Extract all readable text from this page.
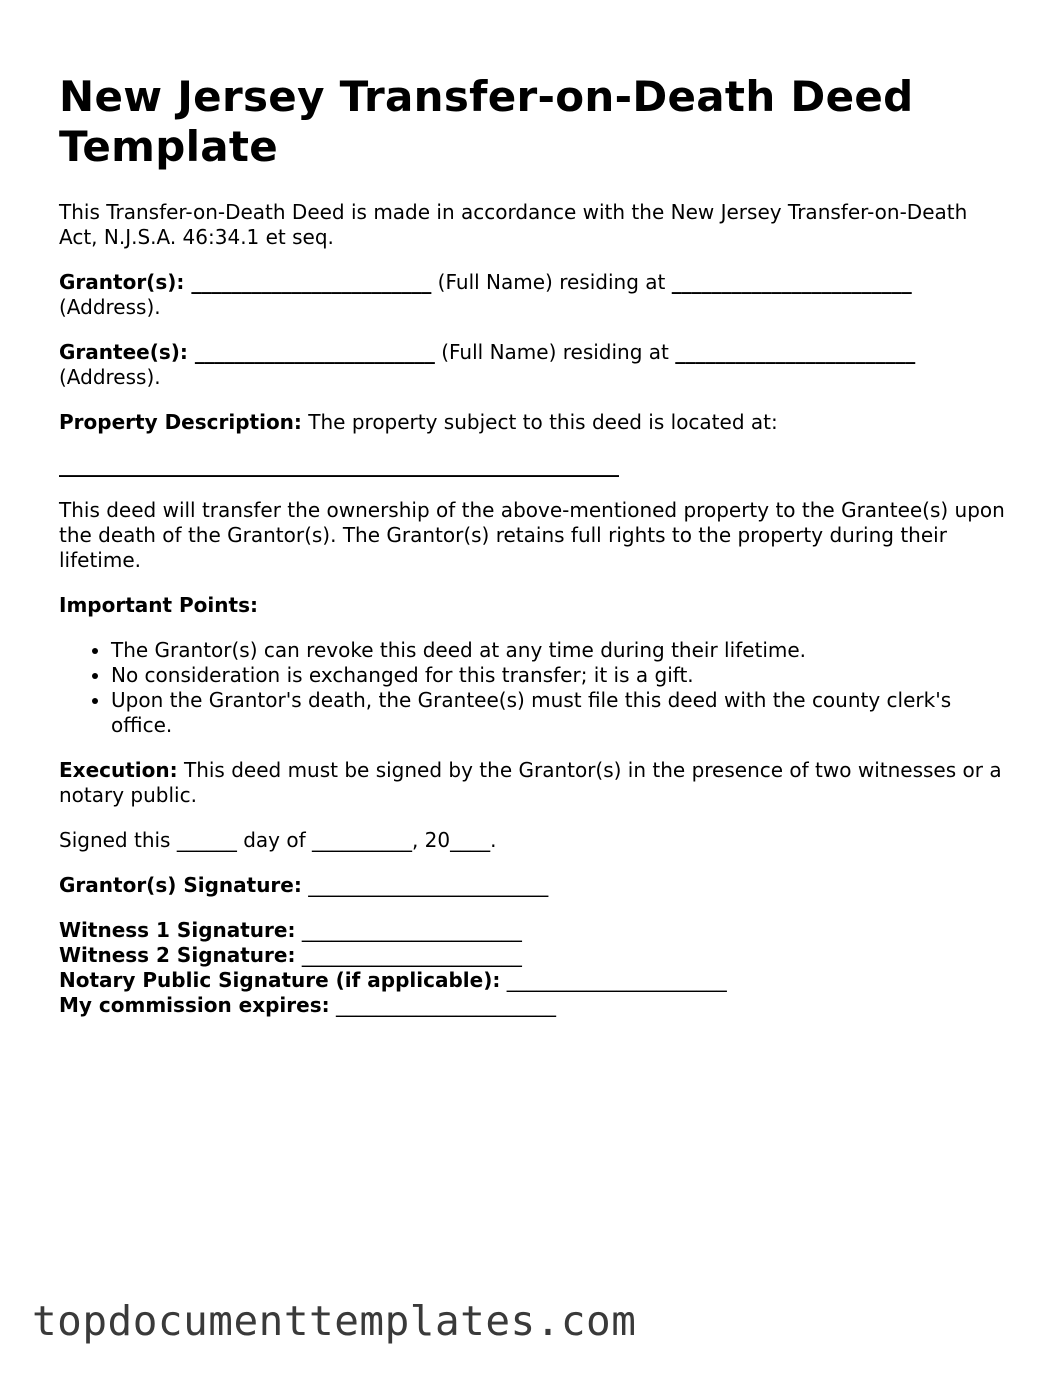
New Jersey Transfer-on-Death Deed Template

This Transfer-on-Death Deed is made in accordance with the New Jersey Transfer-on-Death Act, N.J.S.A. 46:34.1 et seq.

Grantor(s): ________________________ (Full Name) residing at ________________________ (Address).

Grantee(s): ________________________ (Full Name) residing at ________________________ (Address).

Property Description: The property subject to this deed is located at:

________________________________________________________

This deed will transfer the ownership of the above-mentioned property to the Grantee(s) upon the death of the Grantor(s). The Grantor(s) retains full rights to the property during their lifetime.

Important Points:

• The Grantor(s) can revoke this deed at any time during their lifetime.
• No consideration is exchanged for this transfer; it is a gift.
• Upon the Grantor's death, the Grantee(s) must file this deed with the county clerk's office.

Execution: This deed must be signed by the Grantor(s) in the presence of two witnesses or a notary public.

Signed this ______ day of __________, 20____.

Grantor(s) Signature: ________________________

Witness 1 Signature: ______________________

Witness 2 Signature: ______________________

Notary Public Signature (if applicable): ______________________

My commission expires: ______________________

topdocumenttemplates.com
